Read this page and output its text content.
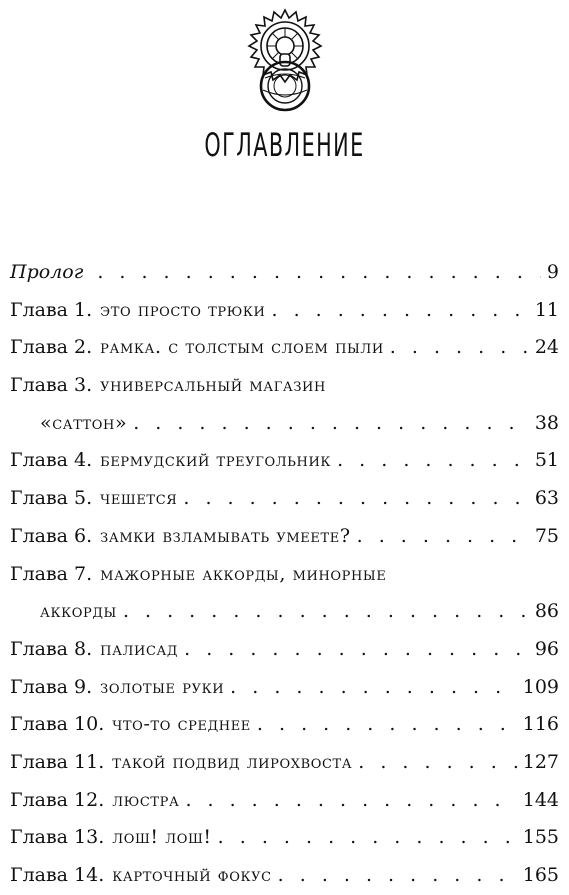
ОГЛАВЛЕНИЕ
Пролог . . .	9
Глава 1. это просто трюки . . .	11
Глава 2. рамка. с толстым слоем пыли . . .	24
Глава 3. универсальный магазин
«саттон» . . .	38
Глава 4. бермудский треугольник . . .	51
Глава 5. чешется . . .	63
Глава 6. замки взламывать умеете? . . .	75
Глава 7. мажорные аккорды, минорные
аккорды . . .	86
Глава 8. палисад . . .	96
Глава 9. золотые руки . . .	109
Глава 10. что-то среднее . . .	116
Глава 11. такой подвид лирохвоста . . .	127
Глава 12. люстра . . .	144
Глава 13. лош! лош! . . .	155
Глава 14. карточный фокус . . .	165
